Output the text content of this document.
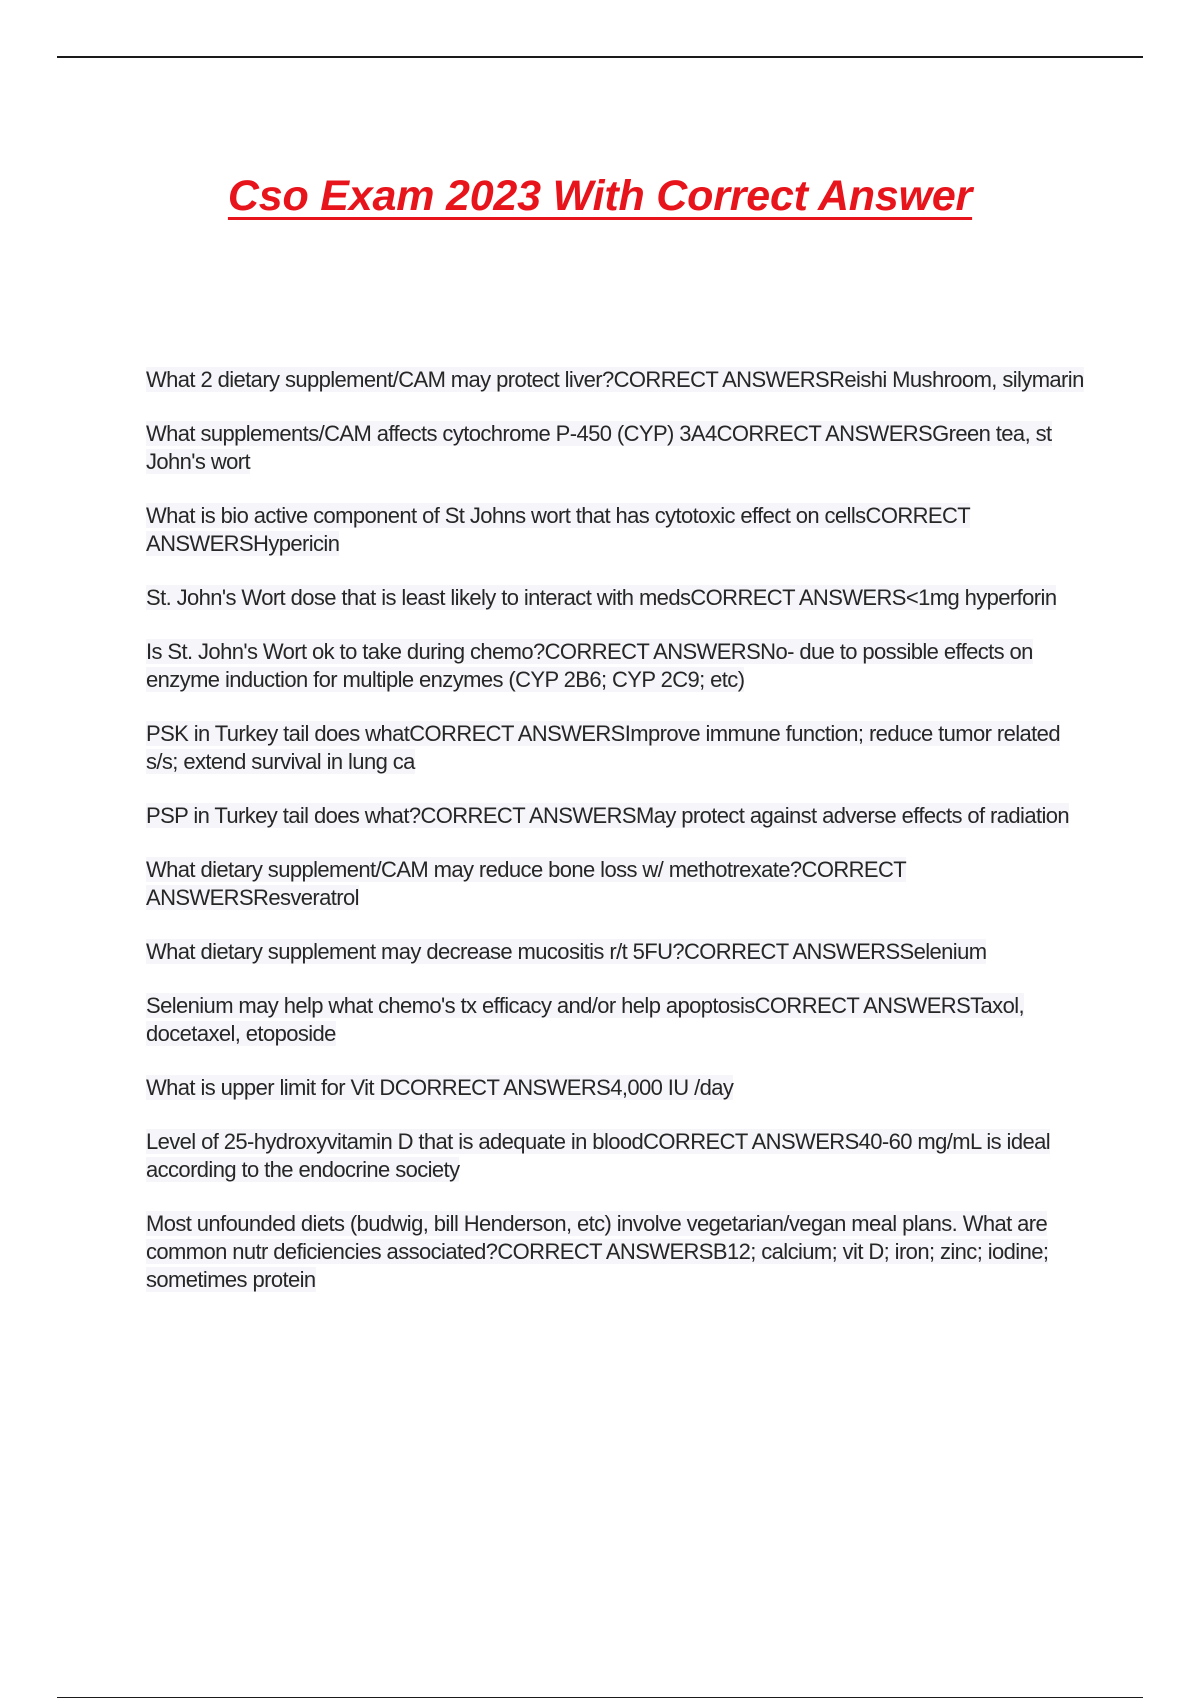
Cso Exam 2023 With Correct Answer
What 2 dietary supplement/CAM may protect liver?CORRECT ANSWERSReishi Mushroom, silymarin
What supplements/CAM affects cytochrome P-450 (CYP) 3A4CORRECT ANSWERSGreen tea, st John's wort
What is bio active component of St Johns wort that has cytotoxic effect on cellsCORRECT ANSWERSHypericin
St. John's Wort dose that is least likely to interact with medsCORRECT ANSWERS<1mg hyperforin
Is St. John's Wort ok to take during chemo?CORRECT ANSWERSNo- due to possible effects on enzyme induction for multiple enzymes (CYP 2B6; CYP 2C9; etc)
PSK in Turkey tail does whatCORRECT ANSWERSImprove immune function; reduce tumor related s/s; extend survival in lung ca
PSP in Turkey tail does what?CORRECT ANSWERSMay protect against adverse effects of radiation
What dietary supplement/CAM may reduce bone loss w/ methotrexate?CORRECT ANSWERSResveratrol
What dietary supplement may decrease mucositis r/t 5FU?CORRECT ANSWERSSelenium
Selenium may help what chemo's tx efficacy and/or help apoptosisCORRECT ANSWERSTaxol, docetaxel, etoposide
What is upper limit for Vit DCORRECT ANSWERS4,000 IU /day
Level of 25-hydroxyvitamin D that is adequate in bloodCORRECT ANSWERS40-60 mg/mL is ideal according to the endocrine society
Most unfounded diets (budwig, bill Henderson, etc) involve vegetarian/vegan meal plans. What are common nutr deficiencies associated?CORRECT ANSWERSB12; calcium; vit D; iron; zinc; iodine; sometimes protein
